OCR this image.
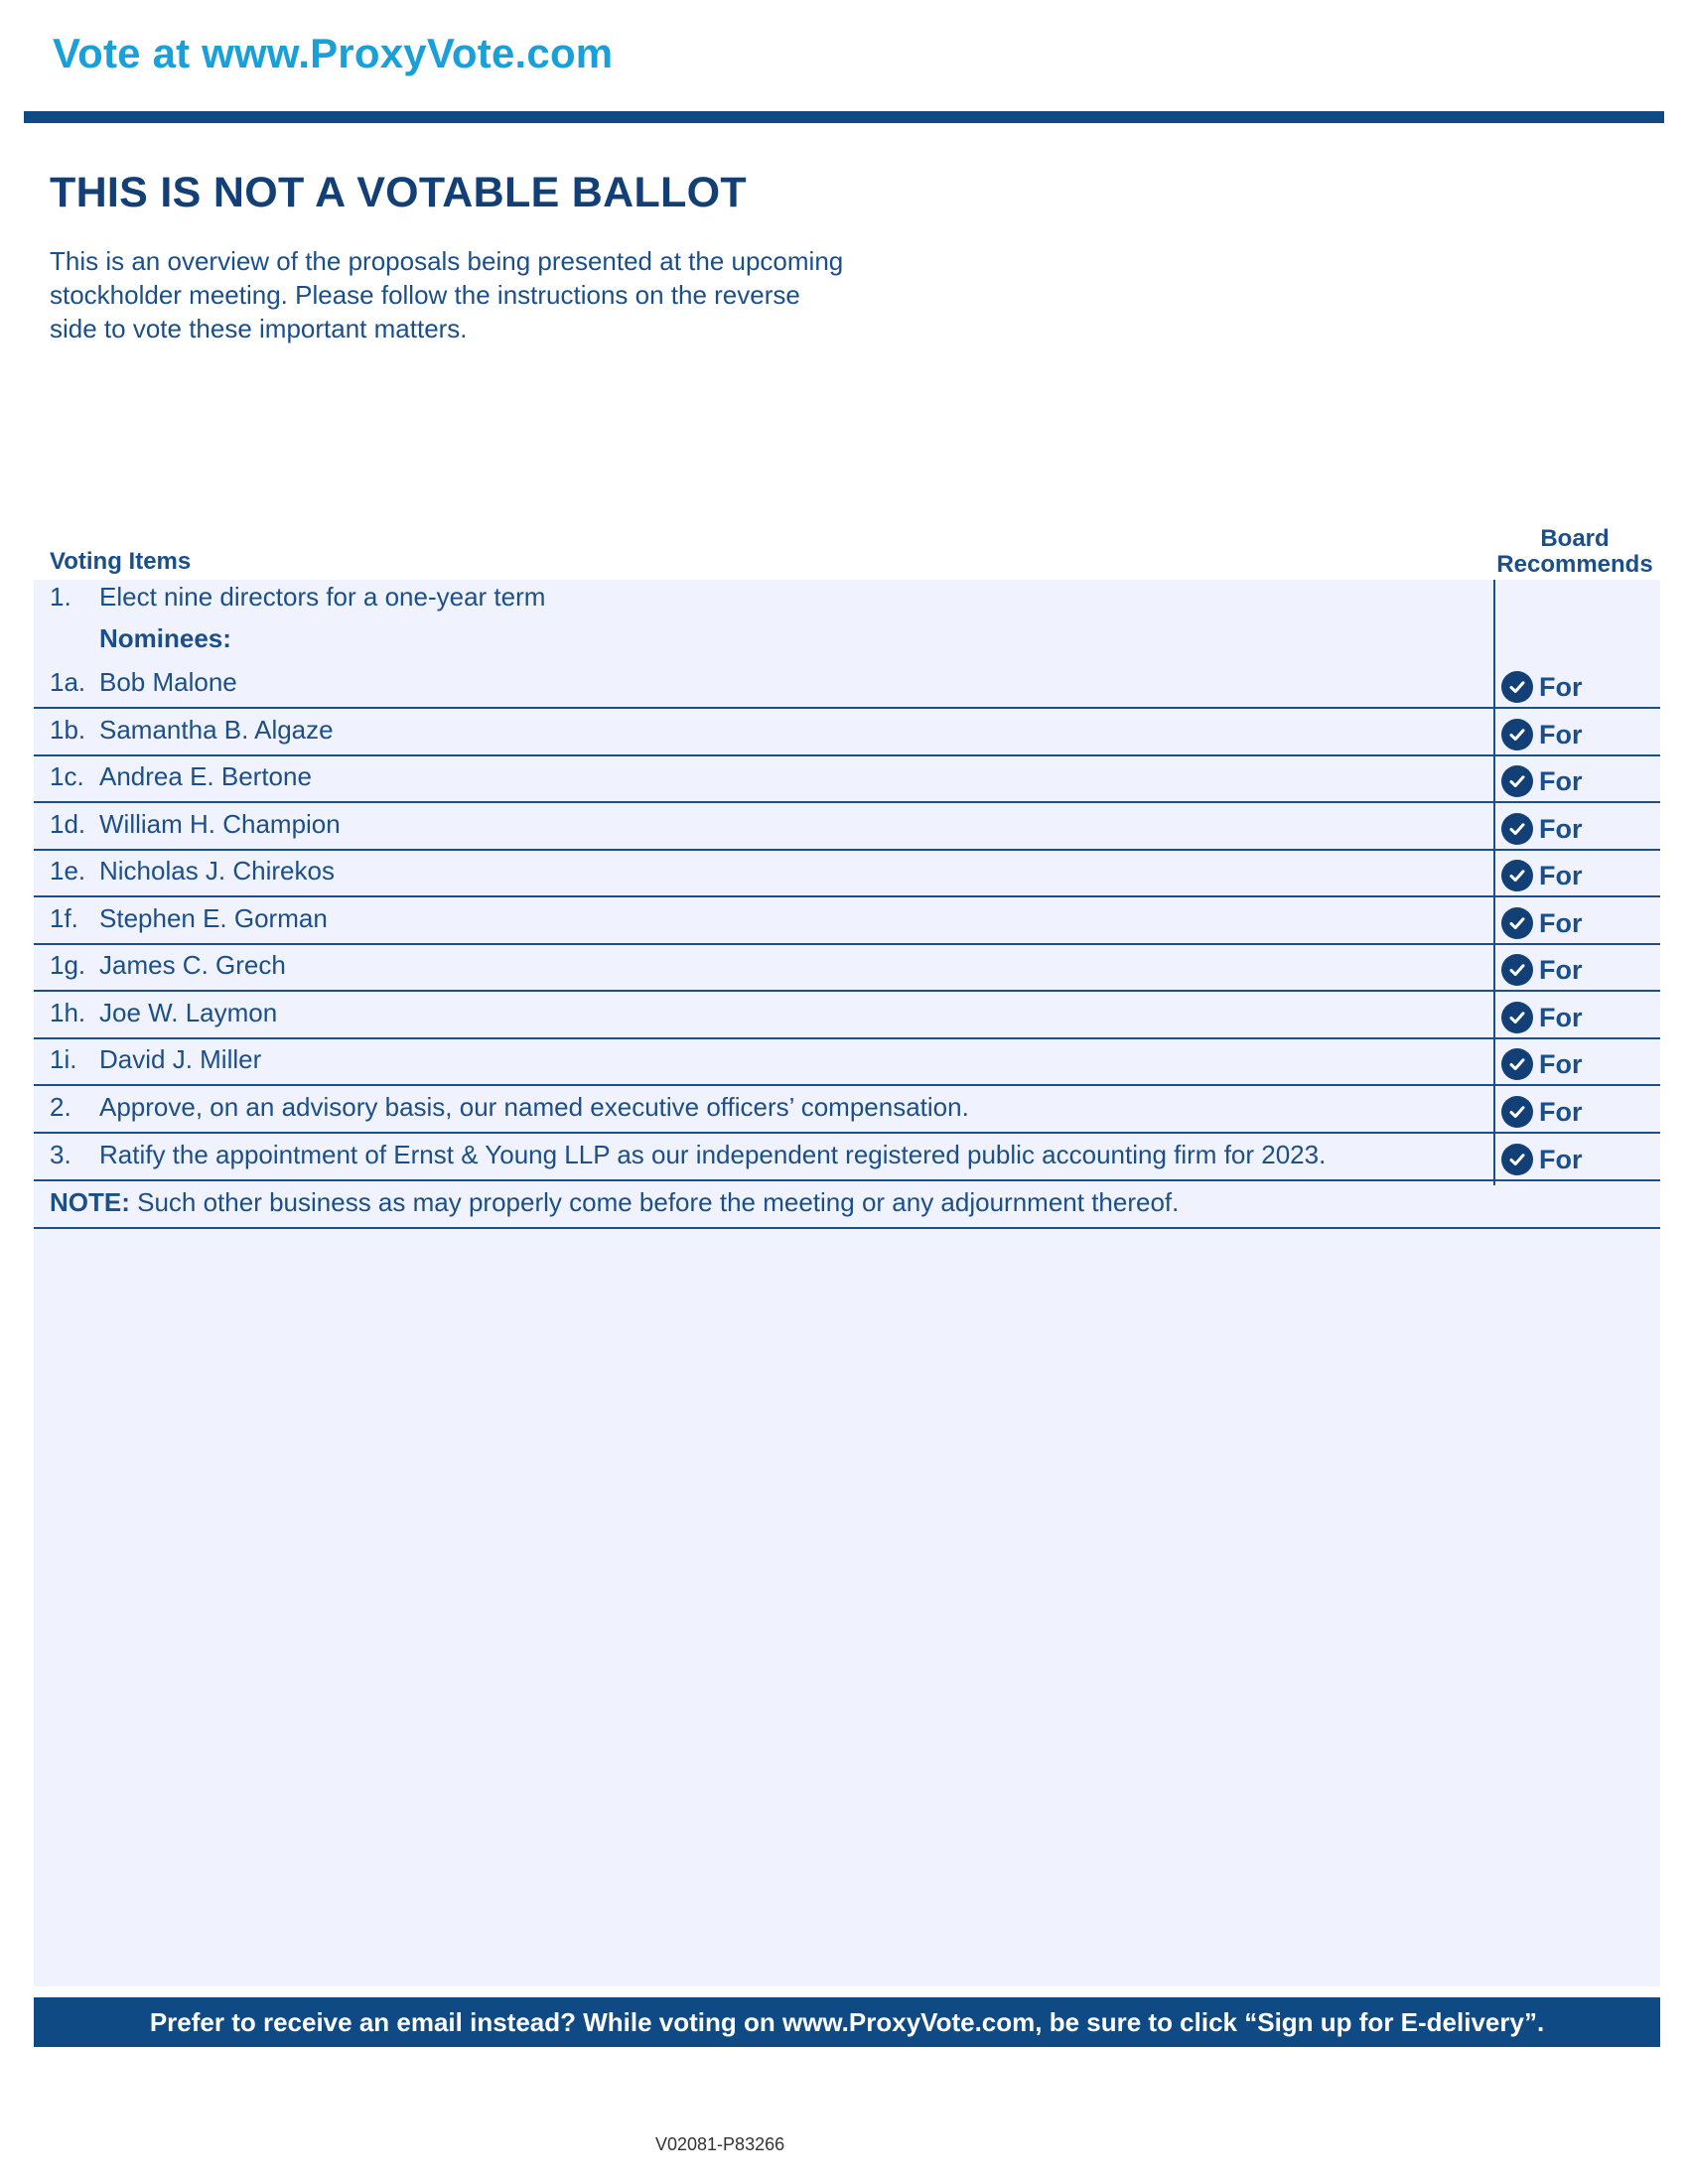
Vote at www.ProxyVote.com
THIS IS NOT A VOTABLE BALLOT

This is an overview of the proposals being presented at the upcoming stockholder meeting. Please follow the instructions on the reverse side to vote these important matters.

Voting Items
Board
Recommends
1. Elect nine directors for a one-year term
Nominees:
1a. Bob Malone	For
1b. Samantha B. Algaze	For
1c. Andrea E. Bertone	For
1d. William H. Champion	For
1e. Nicholas J. Chirekos	For
1f. Stephen E. Gorman	For
1g. James C. Grech	For
1h. Joe W. Laymon	For
1i. David J. Miller	For
2. Approve, on an advisory basis, our named executive officers’ compensation.	For
3. Ratify the appointment of Ernst & Young LLP as our independent registered public accounting firm for 2023.	For
NOTE: Such other business as may properly come before the meeting or any adjournment thereof.
Prefer to receive an email instead? While voting on www.ProxyVote.com, be sure to click “Sign up for E-delivery”.
V02081-P83266
